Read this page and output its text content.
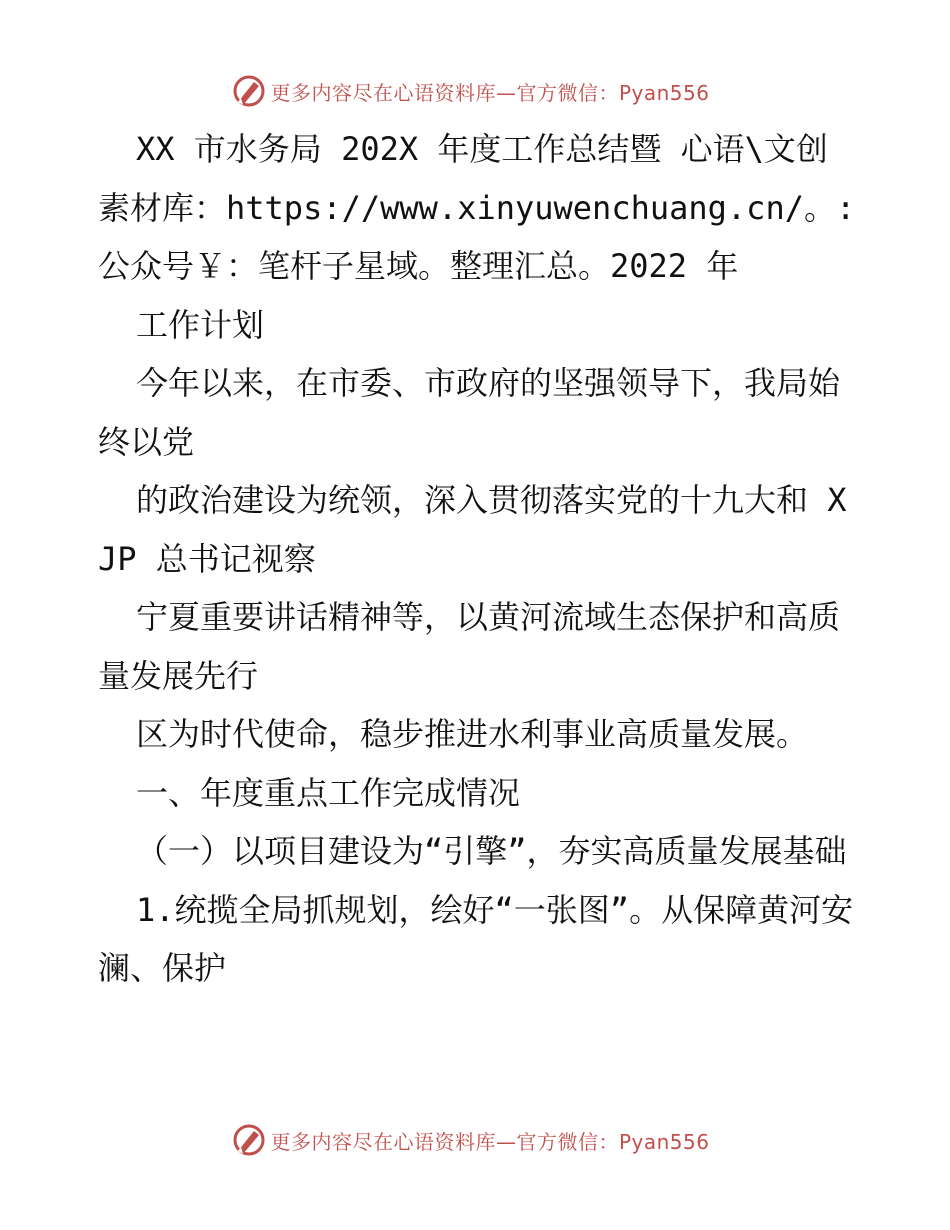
更多内容尽在心语资料库—官方微信：Pyan556

XX 市水务局 202X 年度工作总结暨 心语\文创素材库：https://www.xinyuwenchuang.cn/。:公众号￥：笔杆子星域。整理汇总。2022 年

工作计划

今年以来，在市委、市政府的坚强领导下，我局始终以党

的政治建设为统领，深入贯彻落实党的十九大和 XJP 总书记视察

宁夏重要讲话精神等，以黄河流域生态保护和高质量发展先行

区为时代使命，稳步推进水利事业高质量发展。

一、年度重点工作完成情况

（一）以项目建设为“引擎”，夯实高质量发展基础

1.统揽全局抓规划，绘好“一张图”。从保障黄河安澜、保护

更多内容尽在心语资料库—官方微信：Pyan556
